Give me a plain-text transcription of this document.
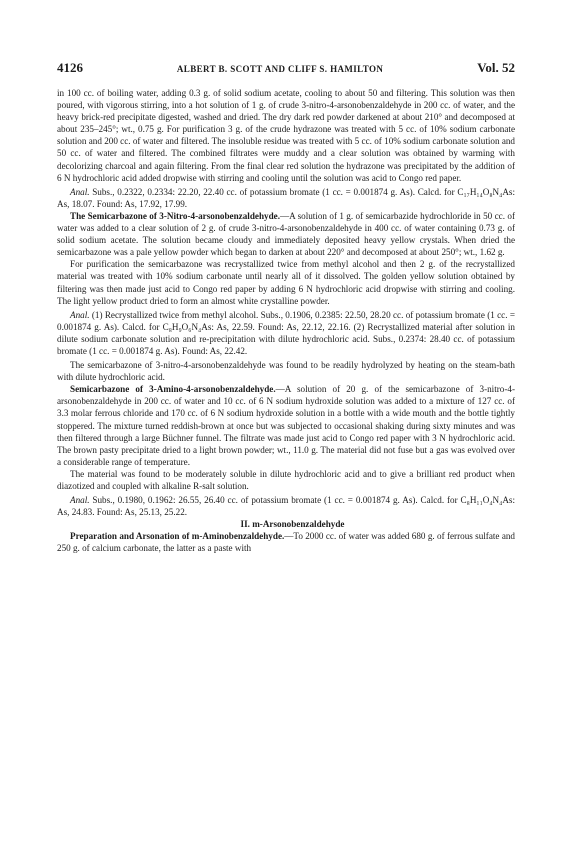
4126	ALBERT B. SCOTT AND CLIFF S. HAMILTON	Vol. 52

in 100 cc. of boiling water, adding 0.3 g. of solid sodium acetate, cooling to about 50 and filtering. This solution was then poured, with vigorous stirring, into a hot solution of 1 g. of crude 3-nitro-4-arsonobenzaldehyde in 200 cc. of water, and the heavy brick-red precipitate digested, washed and dried. The dry dark red powder darkened at about 210° and decomposed at about 235–245°; wt., 0.75 g. For purification 3 g. of the crude hydrazone was treated with 5 cc. of 10% sodium carbonate solution and 200 cc. of water and filtered. The insoluble residue was treated with 5 cc. of 10% sodium carbonate solution and 50 cc. of water and filtered. The combined filtrates were muddy and a clear solution was obtained by warming with decolorizing charcoal and again filtering. From the final clear red solution the hydrazone was precipitated by the addition of 6 N hydrochloric acid added dropwise with stirring and cooling until the solution was acid to Congo red paper.

Anal. Subs., 0.2322, 0.2334: 22.20, 22.40 cc. of potassium bromate (1 cc. = 0.001874 g. As). Calcd. for C₁₇H₁₄O₈N₄As: As, 18.07. Found: As, 17.92, 17.99.

The Semicarbazone of 3-Nitro-4-arsonobenzaldehyde.—A solution of 1 g. of semicarbazide hydrochloride in 50 cc. of water was added to a clear solution of 2 g. of crude 3-nitro-4-arsonobenzaldehyde in 400 cc. of water containing 0.73 g. of solid sodium acetate. The solution became cloudy and immediately deposited heavy yellow crystals. When dried the semicarbazone was a pale yellow powder which began to darken at about 220° and decomposed at about 250°; wt., 1.62 g.

For purification the semicarbazone was recrystallized twice from methyl alcohol and then 2 g. of the recrystallized material was treated with 10% sodium carbonate until nearly all of it dissolved. The golden yellow solution obtained by filtering was then made just acid to Congo red paper by adding 6 N hydrochloric acid dropwise with stirring and cooling. The light yellow product dried to form an almost white crystalline powder.

Anal. (1) Recrystallized twice from methyl alcohol. Subs., 0.1906, 0.2385: 22.50, 28.20 cc. of potassium bromate (1 cc. = 0.001874 g. As). Calcd. for C₈H₉O₆N₄As: As, 22.59. Found: As, 22.12, 22.16. (2) Recrystallized material after solution in dilute sodium carbonate solution and re-precipitation with dilute hydrochloric acid. Subs., 0.2374: 28.40 cc. of potassium bromate (1 cc. = 0.001874 g. As). Found: As, 22.42.

The semicarbazone of 3-nitro-4-arsonobenzaldehyde was found to be readily hydrolyzed by heating on the steam-bath with dilute hydrochloric acid.

Semicarbazone of 3-Amino-4-arsonobenzaldehyde.—A solution of 20 g. of the semicarbazone of 3-nitro-4-arsonobenzaldehyde in 200 cc. of water and 10 cc. of 6 N sodium hydroxide solution was added to a mixture of 127 cc. of 3.3 molar ferrous chloride and 170 cc. of 6 N sodium hydroxide solution in a bottle with a wide mouth and the bottle tightly stoppered. The mixture turned reddish-brown at once but was subjected to occasional shaking during sixty minutes and was then filtered through a large Büchner funnel. The filtrate was made just acid to Congo red paper with 3 N hydrochloric acid. The brown pasty precipitate dried to a light brown powder; wt., 11.0 g. The material did not fuse but a gas was evolved over a considerable range of temperature.

The material was found to be moderately soluble in dilute hydrochloric acid and to give a brilliant red product when diazotized and coupled with alkaline R-salt solution.

Anal. Subs., 0.1980, 0.1962: 26.55, 26.40 cc. of potassium bromate (1 cc. = 0.001874 g. As). Calcd. for C₈H₁₁O₄N₄As: As, 24.83. Found: As, 25.13, 25.22.

II. m-Arsonobenzaldehyde

Preparation and Arsonation of m-Aminobenzaldehyde.—To 2000 cc. of water was added 680 g. of ferrous sulfate and 250 g. of calcium carbonate, the latter as a paste with
